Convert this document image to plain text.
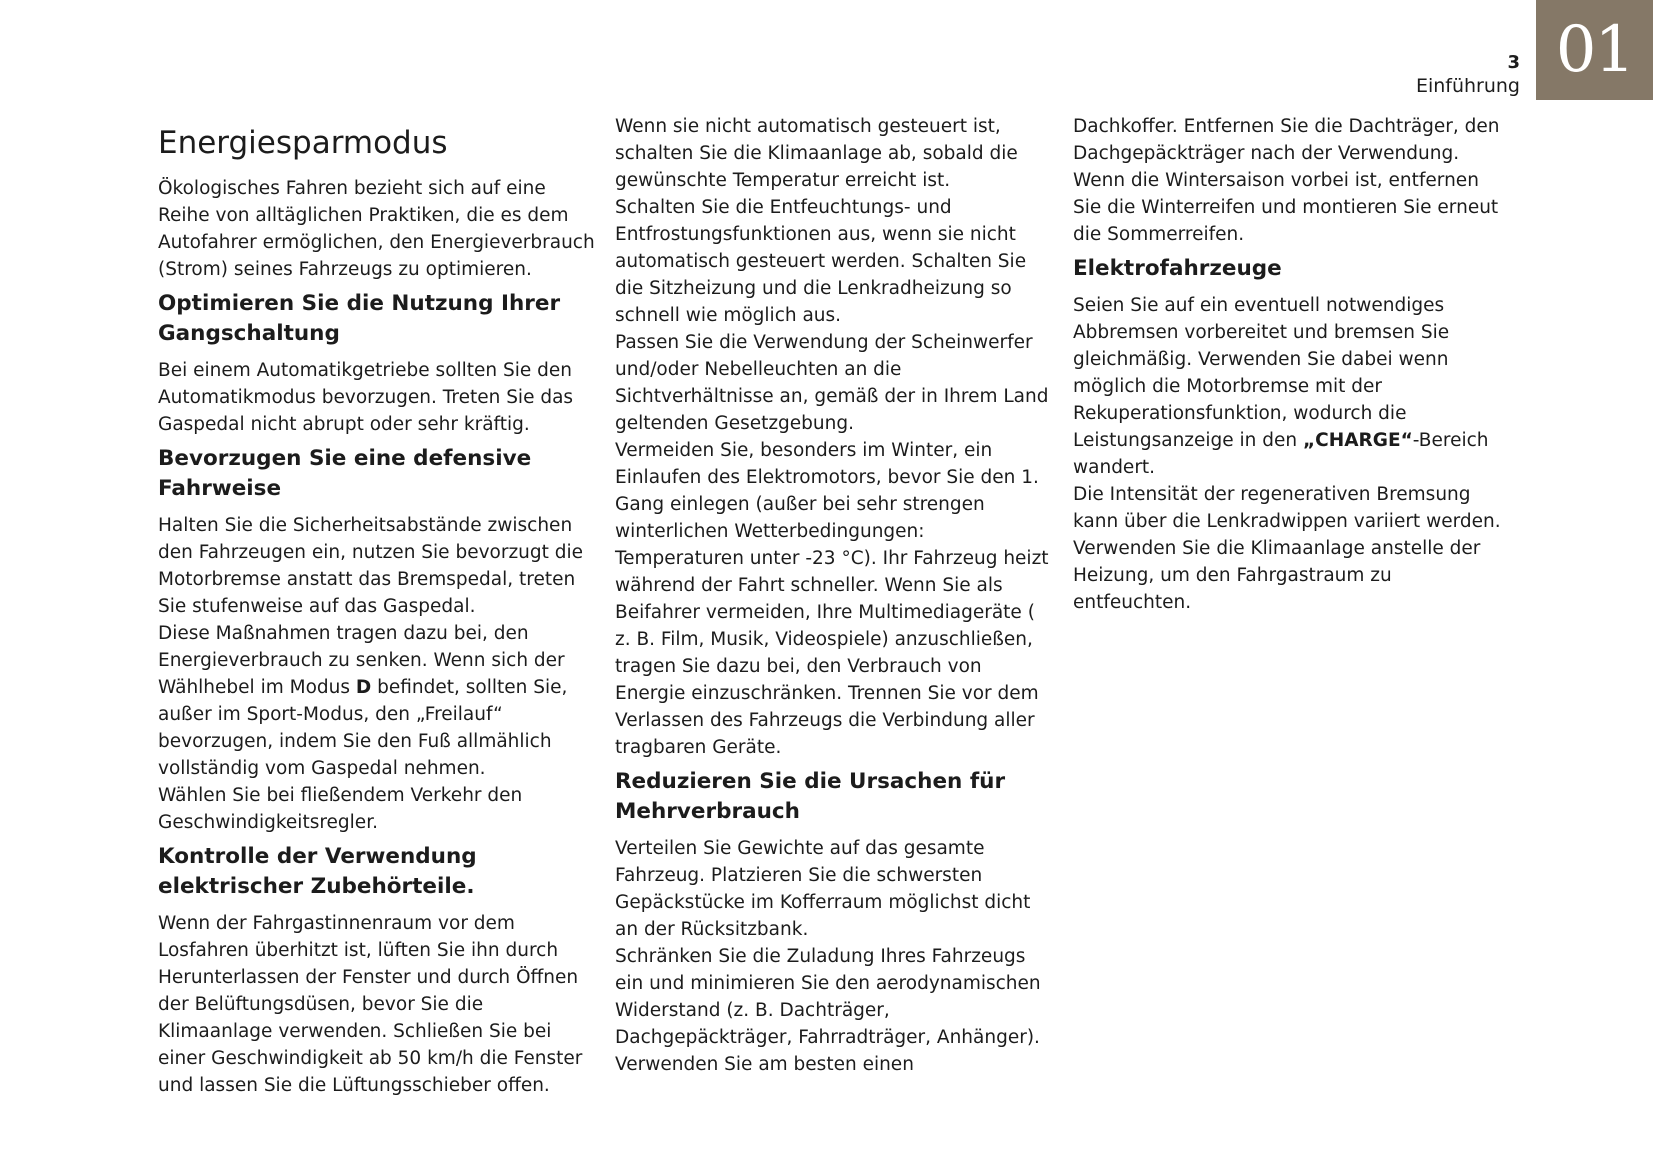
01
3
Einführung
Energiesparmodus

Ökologisches Fahren bezieht sich auf eine Reihe von alltäglichen Praktiken, die es dem Autofahrer ermöglichen, den Energieverbrauch (Strom) seines Fahrzeugs zu optimieren.

Optimieren Sie die Nutzung Ihrer Gangschaltung

Bei einem Automatikgetriebe sollten Sie den Automatikmodus bevorzugen. Treten Sie das Gaspedal nicht abrupt oder sehr kräftig.

Bevorzugen Sie eine defensive Fahrweise

Halten Sie die Sicherheitsabstände zwischen den Fahrzeugen ein, nutzen Sie bevorzugt die Motorbremse anstatt das Bremspedal, treten Sie stufenweise auf das Gaspedal.
Diese Maßnahmen tragen dazu bei, den Energieverbrauch zu senken. Wenn sich der Wählhebel im Modus D befindet, sollten Sie, außer im Sport-Modus, den „Freilauf“ bevorzugen, indem Sie den Fuß allmählich vollständig vom Gaspedal nehmen.
Wählen Sie bei fließendem Verkehr den Geschwindigkeitsregler.

Kontrolle der Verwendung elektrischer Zubehörteile.

Wenn der Fahrgastinnenraum vor dem Losfahren überhitzt ist, lüften Sie ihn durch Herunterlassen der Fenster und durch Öffnen der Belüftungsdüsen, bevor Sie die Klimaanlage verwenden. Schließen Sie bei einer Geschwindigkeit ab 50 km/h die Fenster und lassen Sie die Lüftungsschieber offen.

Wenn sie nicht automatisch gesteuert ist, schalten Sie die Klimaanlage ab, sobald die gewünschte Temperatur erreicht ist.
Schalten Sie die Entfeuchtungs- und Entfrostungsfunktionen aus, wenn sie nicht automatisch gesteuert werden. Schalten Sie die Sitzheizung und die Lenkradheizung so schnell wie möglich aus.
Passen Sie die Verwendung der Scheinwerfer und/oder Nebelleuchten an die Sichtverhältnisse an, gemäß der in Ihrem Land geltenden Gesetzgebung.
Vermeiden Sie, besonders im Winter, ein Einlaufen des Elektromotors, bevor Sie den 1. Gang einlegen (außer bei sehr strengen winterlichen Wetterbedingungen: Temperaturen unter -23 °C). Ihr Fahrzeug heizt während der Fahrt schneller. Wenn Sie als Beifahrer vermeiden, Ihre Multimediageräte ( z. B. Film, Musik, Videospiele) anzuschließen, tragen Sie dazu bei, den Verbrauch von Energie einzuschränken. Trennen Sie vor dem Verlassen des Fahrzeugs die Verbindung aller tragbaren Geräte.

Reduzieren Sie die Ursachen für Mehrverbrauch

Verteilen Sie Gewichte auf das gesamte Fahrzeug. Platzieren Sie die schwersten Gepäckstücke im Kofferraum möglichst dicht an der Rücksitzbank.
Schränken Sie die Zuladung Ihres Fahrzeugs ein und minimieren Sie den aerodynamischen Widerstand (z. B. Dachträger, Dachgepäckträger, Fahrradträger, Anhänger). Verwenden Sie am besten einen

Dachkoffer. Entfernen Sie die Dachträger, den Dachgepäckträger nach der Verwendung.
Wenn die Wintersaison vorbei ist, entfernen Sie die Winterreifen und montieren Sie erneut die Sommerreifen.

Elektrofahrzeuge

Seien Sie auf ein eventuell notwendiges Abbremsen vorbereitet und bremsen Sie gleichmäßig. Verwenden Sie dabei wenn möglich die Motorbremse mit der Rekuperationsfunktion, wodurch die Leistungsanzeige in den „CHARGE“-Bereich wandert.
Die Intensität der regenerativen Bremsung kann über die Lenkradwippen variiert werden.
Verwenden Sie die Klimaanlage anstelle der Heizung, um den Fahrgastraum zu entfeuchten.
